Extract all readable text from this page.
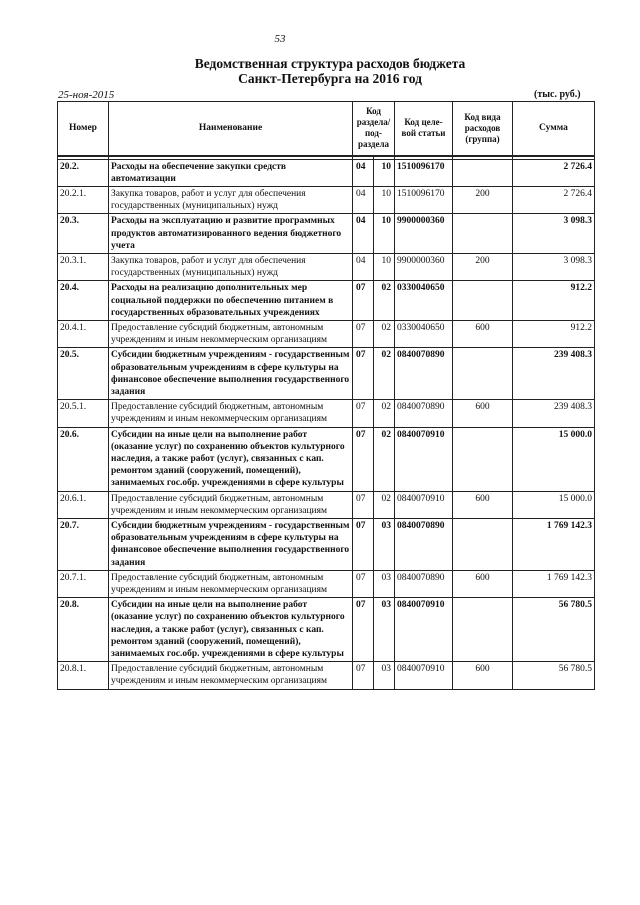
53
Ведомственная структура расходов бюджета
Санкт-Петербурга на 2016 год
25-ноя-2015	(тыс. руб.)
Номер	Наименование	Код раздела/ под- раздела		Код целе- вой статьи	Код вида расходов (группа)	Сумма

20.2.	Расходы на обеспечение закупки средств автоматизации	04	10	1510096170		2 726.4
20.2.1.	Закупка товаров, работ и услуг для обеспечения государственных (муниципальных) нужд	04	10	1510096170	200	2 726.4
20.3.	Расходы на эксплуатацию и развитие программных продуктов автоматизированного ведения бюджетного учета	04	10	9900000360		3 098.3
20.3.1.	Закупка товаров, работ и услуг для обеспечения государственных (муниципальных) нужд	04	10	9900000360	200	3 098.3
20.4.	Расходы на реализацию дополнительных мер социальной поддержки по обеспечению питанием в государственных образовательных учреждениях	07	02	0330040650		912.2
20.4.1.	Предоставление субсидий бюджетным, автономным учреждениям и иным некоммерческим организациям	07	02	0330040650	600	912.2
20.5.	Субсидии бюджетным учреждениям - государственным образовательным учреждениям в сфере культуры на финансовое обеспечение выполнения государственного задания	07	02	0840070890		239 408.3
20.5.1.	Предоставление субсидий бюджетным, автономным учреждениям и иным некоммерческим организациям	07	02	0840070890	600	239 408.3
20.6.	Субсидии на иные цели на выполнение работ (оказание услуг) по сохранению объектов культурного наследия, а также работ (услуг), связанных с кап. ремонтом зданий (сооружений, помещений), занимаемых гос.обр. учреждениями в сфере культуры	07	02	0840070910		15 000.0
20.6.1.	Предоставление субсидий бюджетным, автономным учреждениям и иным некоммерческим организациям	07	02	0840070910	600	15 000.0
20.7.	Субсидии бюджетным учреждениям - государственным образовательным учреждениям в сфере культуры на финансовое обеспечение выполнения государственного задания	07	03	0840070890		1 769 142.3
20.7.1.	Предоставление субсидий бюджетным, автономным учреждениям и иным некоммерческим организациям	07	03	0840070890	600	1 769 142.3
20.8.	Субсидии на иные цели на выполнение работ (оказание услуг) по сохранению объектов культурного наследия, а также работ (услуг), связанных с кап. ремонтом зданий (сооружений, помещений), занимаемых гос.обр. учреждениями в сфере культуры	07	03	0840070910		56 780.5
20.8.1.	Предоставление субсидий бюджетным, автономным учреждениям и иным некоммерческим организациям	07	03	0840070910	600	56 780.5
